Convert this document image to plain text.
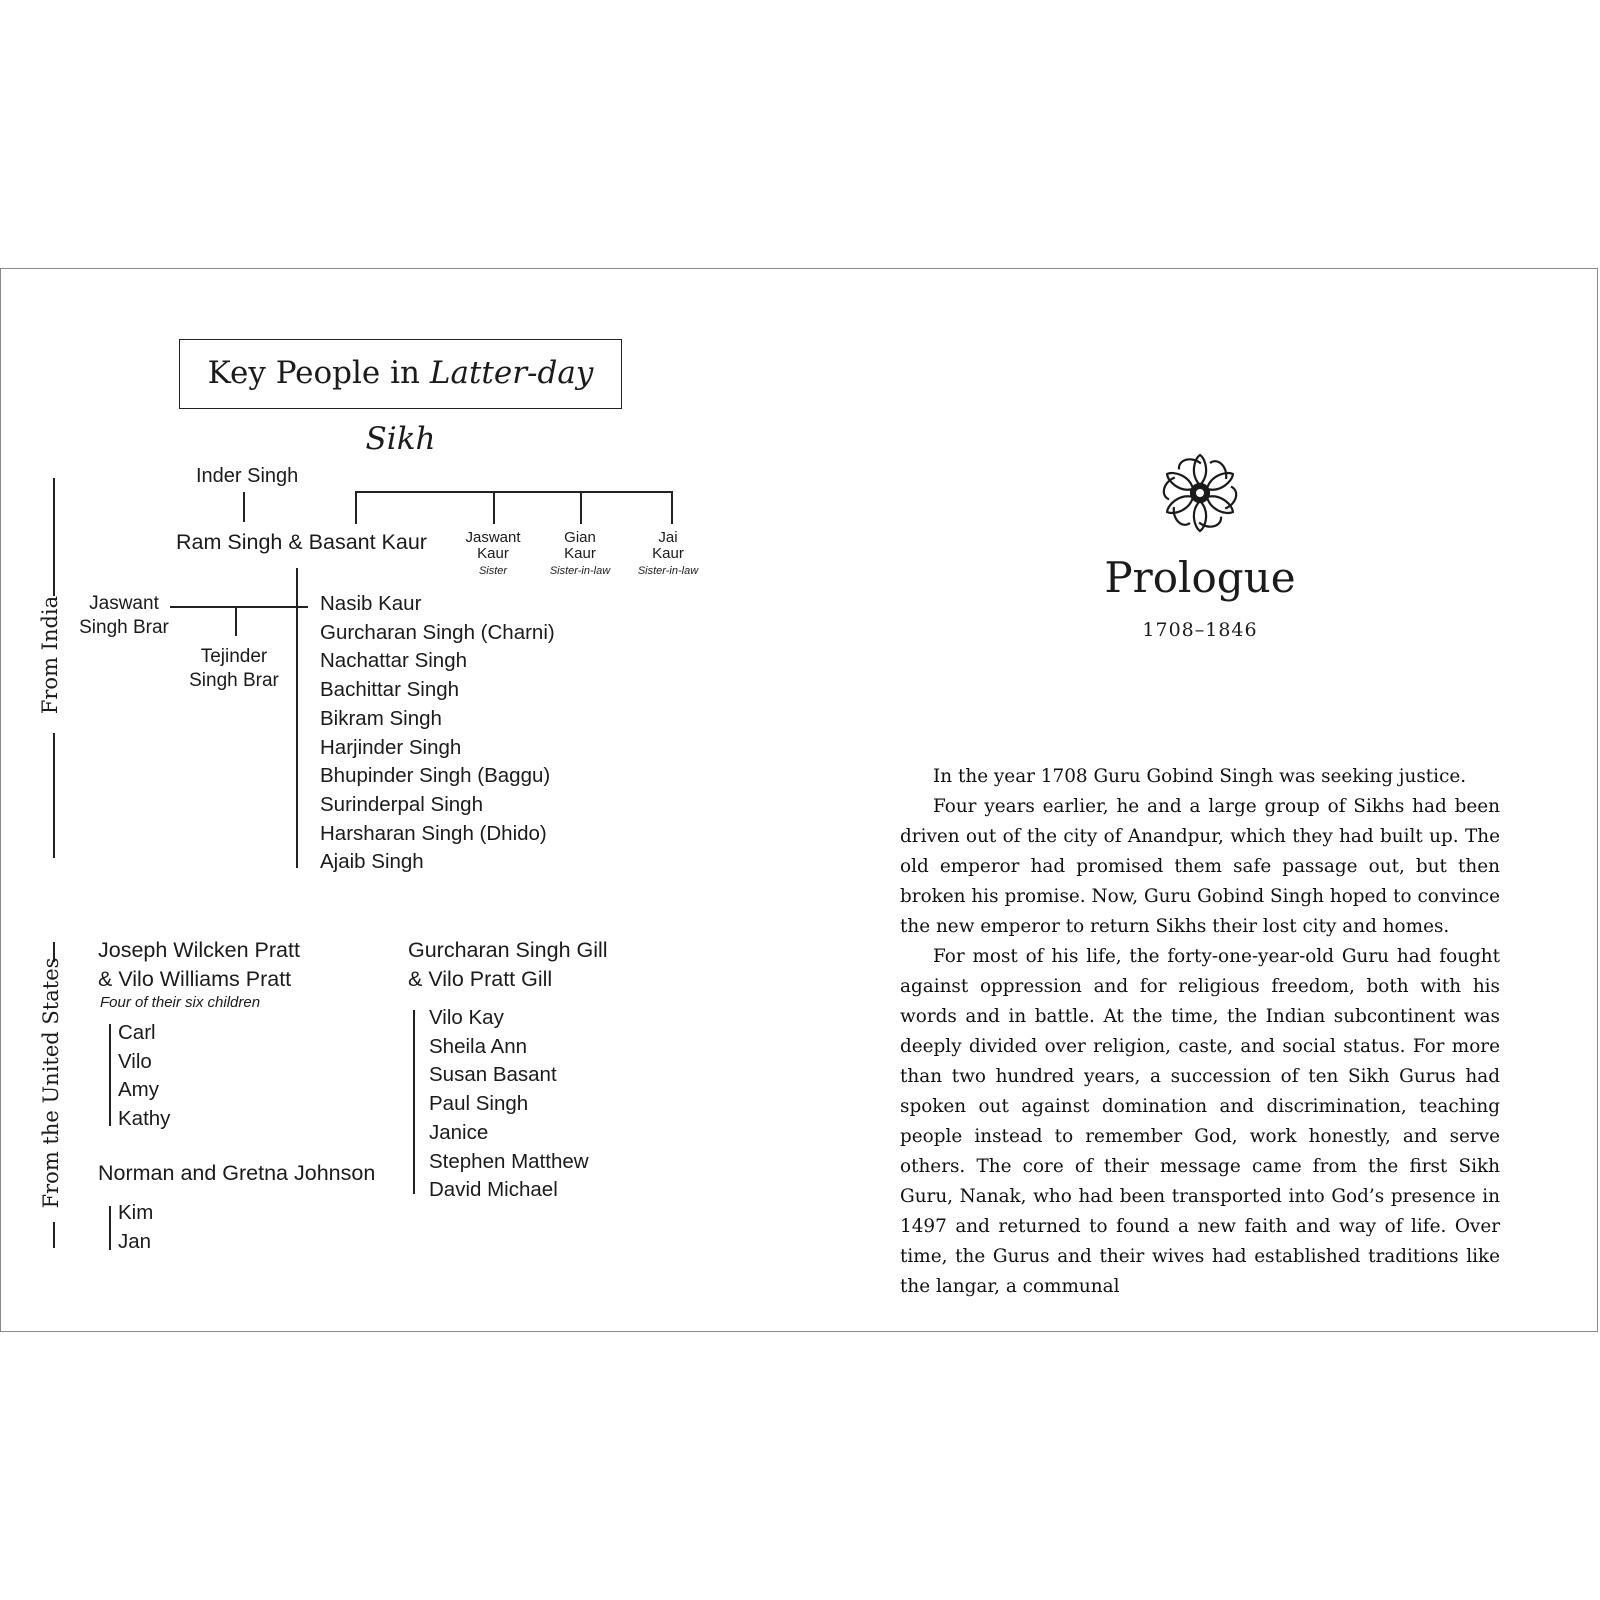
Key People in Latter-day Sikh
From India
From the United States
Inder Singh
Ram Singh & Basant Kaur	Jaswant
Kaur
Sister
Gian
Kaur
Sister-in-law
Jai
Kaur
Sister-in-law
Jaswant
Singh Brar
Tejinder
Singh Brar
Nasib Kaur
Gurcharan Singh (Charni)
Nachattar Singh
Bachittar Singh
Bikram Singh
Harjinder Singh
Bhupinder Singh (Baggu)
Surinderpal Singh
Harsharan Singh (Dhido)
Ajaib Singh
Joseph Wilcken Pratt
& Vilo Williams Pratt
Four of their six children
Carl
Vilo
Amy
Kathy
Norman and Gretna Johnson
Kim
Jan
Gurcharan Singh Gill
& Vilo Pratt Gill
Vilo Kay
Sheila Ann
Susan Basant
Paul Singh
Janice
Stephen Matthew
David Michael
Prologue
1708–1846

In the year 1708 Guru Gobind Singh was seeking justice.

Four years earlier, he and a large group of Sikhs had been driven out of the city of Anandpur, which they had built up. The old emperor had promised them safe passage out, but then broken his promise. Now, Guru Gobind Singh hoped to convince the new emperor to return Sikhs their lost city and homes.

For most of his life, the forty-one-year-old Guru had fought against oppression and for religious freedom, both with his words and in battle. At the time, the Indian subcontinent was deeply divided over religion, caste, and social status. For more than two hundred years, a succession of ten Sikh Gurus had spoken out against domination and discrimination, teaching people instead to remember God, work honestly, and serve others. The core of their message came from the first Sikh Guru, Nanak, who had been transported into God’s presence in 1497 and returned to found a new faith and way of life. Over time, the Gurus and their wives had established traditions like the langar, a communal
